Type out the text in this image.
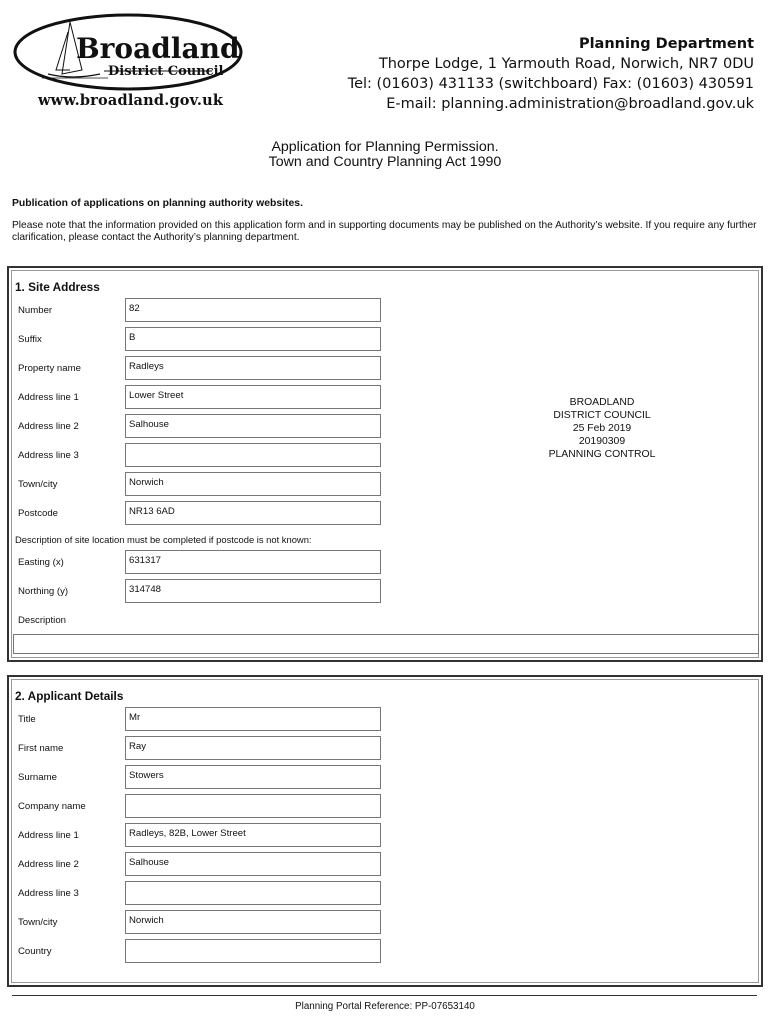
Broadland
District Council
www.broadland.gov.uk
Planning Department
Thorpe Lodge, 1 Yarmouth Road, Norwich, NR7 0DU
Tel: (01603) 431133 (switchboard) Fax: (01603) 430591
E-mail: planning.administration@broadland.gov.uk
Application for Planning Permission.
Town and Country Planning Act 1990
Publication of applications on planning authority websites.
Please note that the information provided on this application form and in supporting documents may be published on the Authority’s website. If you require any further clarification, please contact the Authority’s planning department.
1. Site Address
Number	82
Suffix	B
Property name	Radleys
Address line 1	Lower Street
Address line 2	Salhouse
Address line 3
Town/city	Norwich
Postcode	NR13 6AD
Description of site location must be completed if postcode is not known:
Easting (x)	631317
Northing (y)	314748
Description
BROADLAND
DISTRICT COUNCIL
25 Feb 2019
20190309
PLANNING CONTROL
2. Applicant Details
Title	Mr
First name	Ray
Surname	Stowers
Company name
Address line 1	Radleys, 82B, Lower Street
Address line 2	Salhouse
Address line 3
Town/city	Norwich
Country
Planning Portal Reference: PP-07653140
